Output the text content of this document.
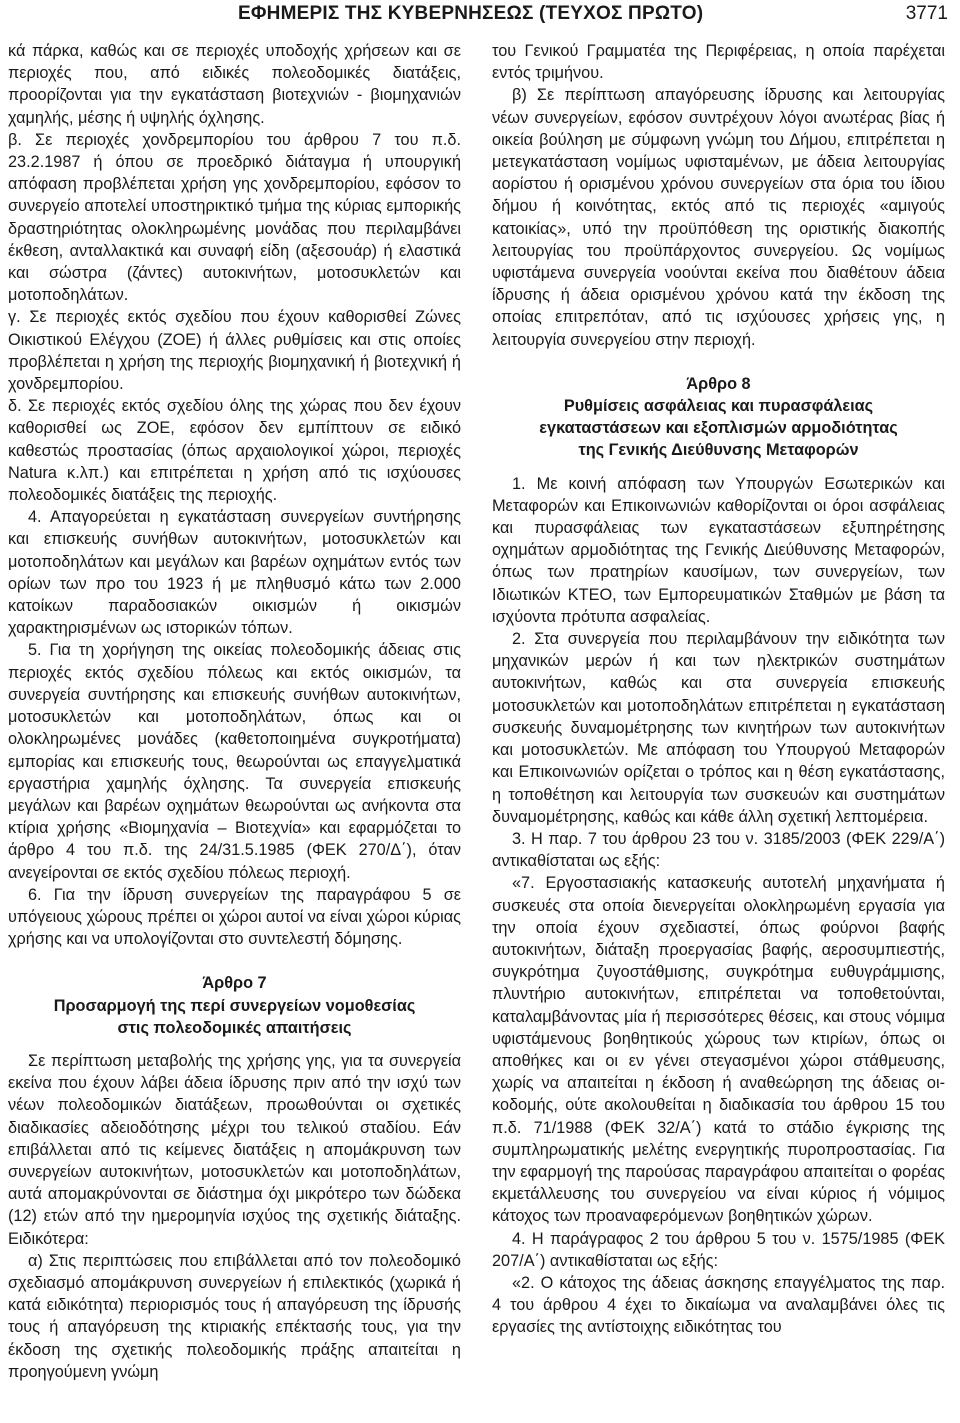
ΕΦΗΜΕΡΙΣ ΤΗΣ ΚΥΒΕΡΝΗΣΕΩΣ (ΤΕΥΧΟΣ ΠΡΩΤΟ)	3771

κά πάρκα, καθώς και σε περιοχές υποδοχής χρήσεων και σε περιοχές που, από ειδικές πολεοδομικές διατάξεις, προορίζονται για την εγκατάσταση βιοτεχνιών - βιομηχανιών χαμηλής, μέσης ή υψηλής όχλησης.

β. Σε περιοχές χονδρεμπορίου του άρθρου 7 του π.δ. 23.2.1987 ή όπου σε προεδρικό διάταγμα ή υπουργική απόφαση προβλέπεται χρήση γης χονδρεμπορίου, εφόσον το συνεργείο αποτελεί υποστηρικτικό τμήμα της κύριας εμπορικής δραστηριότητας ολοκληρωμένης μονάδας που περιλαμβάνει έκθεση, ανταλλακτικά και συναφή είδη (αξεσουάρ) ή ελαστικά και σώστρα (ζάντες) αυτοκινήτων, μοτοσυκλετών και μοτοποδηλάτων.

γ. Σε περιοχές εκτός σχεδίου που έχουν καθορισθεί Ζώνες Οικιστικού Ελέγχου (ΖΟΕ) ή άλλες ρυθμίσεις και στις οποίες προβλέπεται η χρήση της περιοχής βιομηχανική ή βιοτεχνική ή χονδρεμπορίου.

δ. Σε περιοχές εκτός σχεδίου όλης της χώρας που δεν έχουν καθορισθεί ως ΖΟΕ, εφόσον δεν εμπίπτουν σε ειδικό καθεστώς προστασίας (όπως αρχαιολογικοί χώροι, περιοχές Natura κ.λπ.) και επιτρέπεται η χρήση από τις ισχύουσες πολεοδομικές διατάξεις της περιοχής.

4. Απαγορεύεται η εγκατάσταση συνεργείων συντήρησης και επισκευής συνήθων αυτοκινήτων, μοτοσυκλετών και μοτοποδηλάτων και μεγάλων και βαρέων οχημάτων εντός των ορίων των προ του 1923 ή με πληθυσμό κάτω των 2.000 κατοίκων παραδοσιακών οικισμών ή οικισμών χαρακτηρισμένων ως ιστορικών τόπων.

5. Για τη χορήγηση της οικείας πολεοδομικής άδειας στις περιοχές εκτός σχεδίου πόλεως και εκτός οικισμών, τα συνεργεία συντήρησης και επισκευής συνήθων αυτοκινήτων, μοτοσυκλετών και μοτοποδηλάτων, όπως και οι ολοκληρωμένες μονάδες (καθετοποιημένα συγκροτήματα) εμπορίας και επισκευής τους, θεωρούνται ως επαγγελματικά εργαστήρια χαμηλής όχλησης. Τα συνεργεία επισκευής μεγάλων και βαρέων οχημάτων θεωρούνται ως ανήκοντα στα κτίρια χρήσης «Βιομηχανία – Βιοτεχνία» και εφαρμόζεται το άρθρο 4 του π.δ. της 24/31.5.1985 (ΦΕΚ 270/Δ΄), όταν ανεγείρονται σε εκτός σχεδίου πόλεως περιοχή.

6. Για την ίδρυση συνεργείων της παραγράφου 5 σε υπόγειους χώρους πρέπει οι χώροι αυτοί να είναι χώροι κύριας χρήσης και να υπολογίζονται στο συντελεστή δόμησης.

Άρθρο 7

Προσαρμογή της περί συνεργείων νομοθεσίας

στις πολεοδομικές απαιτήσεις

Σε περίπτωση μεταβολής της χρήσης γης, για τα συνεργεία εκείνα που έχουν λάβει άδεια ίδρυσης πριν από την ισχύ των νέων πολεοδομικών διατάξεων, προωθούνται οι σχετικές διαδικασίες αδειοδότησης μέχρι του τελικού σταδίου. Εάν επιβάλλεται από τις κείμενες διατάξεις η απομάκρυνση των συνεργείων αυτοκινήτων, μοτοσυκλετών και μοτοποδηλάτων, αυτά απομακρύνονται σε διάστημα όχι μικρότερο των δώδεκα (12) ετών από την ημερομηνία ισχύος της σχετικής διάταξης. Ειδικότερα:

α) Στις περιπτώσεις που επιβάλλεται από τον πολεοδομικό σχεδιασμό απομάκρυνση συνεργείων ή επιλεκτικός (χωρικά ή κατά ειδικότητα) περιορισμός τους ή απαγόρευση της ίδρυσής τους ή απαγόρευση της κτιριακής επέκτασής τους, για την έκδοση της σχετικής πολεοδομικής πράξης απαιτείται η προηγούμενη γνώμη

του Γενικού Γραμματέα της Περιφέρειας, η οποία παρέχεται εντός τριμήνου.

β) Σε περίπτωση απαγόρευσης ίδρυσης και λειτουργίας νέων συνεργείων, εφόσον συντρέχουν λόγοι ανωτέρας βίας ή οικεία βούληση με σύμφωνη γνώμη του Δήμου, επιτρέπεται η μετεγκατάσταση νομίμως υφισταμένων, με άδεια λειτουργίας αορίστου ή ορισμένου χρόνου συνεργείων στα όρια του ίδιου δήμου ή κοινότητας, εκτός από τις περιοχές «αμιγούς κατοικίας», υπό την προϋπόθεση της οριστικής διακοπής λειτουργίας του προϋπάρχοντος συνεργείου. Ως νομίμως υφιστάμενα συνεργεία νοούνται εκείνα που διαθέτουν άδεια ίδρυσης ή άδεια ορισμένου χρόνου κατά την έκδοση της οποίας επιτρεπόταν, από τις ισχύουσες χρήσεις γης, η λειτουργία συνεργείου στην περιοχή.

Άρθρο 8

Ρυθμίσεις ασφάλειας και πυρασφάλειας

εγκαταστάσεων και εξοπλισμών αρμοδιότητας

της Γενικής Διεύθυνσης Μεταφορών

1. Με κοινή απόφαση των Υπουργών Εσωτερικών και Μεταφορών και Επικοινωνιών καθορίζονται οι όροι ασφάλειας και πυρασφάλειας των εγκαταστάσεων εξυπηρέτησης οχημάτων αρμοδιότητας της Γενικής Διεύθυνσης Μεταφορών, όπως των πρατηρίων καυσίμων, των συνεργείων, των Ιδιωτικών ΚΤΕΟ, των Εμπορευματικών Σταθμών με βάση τα ισχύοντα πρότυπα ασφαλείας.

2. Στα συνεργεία που περιλαμβάνουν την ειδικότητα των μηχανικών μερών ή και των ηλεκτρικών συστημάτων αυτοκινήτων, καθώς και στα συνεργεία επισκευής μοτοσυκλετών και μοτοποδηλάτων επιτρέπεται η εγκατάσταση συσκευής δυναμομέτρησης των κινητήρων των αυτοκινήτων και μοτοσυκλετών. Με απόφαση του Υπουργού Μεταφορών και Επικοινωνιών ορίζεται ο τρόπος και η θέση εγκατάστασης, η τοποθέτηση και λειτουργία των συσκευών και συστημάτων δυναμομέτρησης, καθώς και κάθε άλλη σχετική λεπτομέρεια.

3. Η παρ. 7 του άρθρου 23 του ν. 3185/2003 (ΦΕΚ 229/Α΄) αντικαθίσταται ως εξής:

«7. Εργοστασιακής κατασκευής αυτοτελή μηχανήματα ή συσκευές στα οποία διενεργείται ολοκληρωμένη εργασία για την οποία έχουν σχεδιαστεί, όπως φούρνοι βαφής αυτοκινήτων, διάταξη προεργασίας βαφής, αεροσυμπιεστής, συγκρότημα ζυγοστάθμισης, συγκρότημα ευθυγράμμισης, πλυντήριο αυτοκινήτων, επιτρέπεται να τοποθετούνται, καταλαμβάνοντας μία ή περισσότερες θέσεις, και στους νόμιμα υφιστάμενους βοηθητικούς χώρους των κτιρίων, όπως οι αποθήκες και οι εν γένει στεγασμένοι χώροι στάθμευσης, χωρίς να απαιτείται η έκδοση ή αναθεώρηση της άδειας οικοδομής, ούτε ακολουθείται η διαδικασία του άρθρου 15 του π.δ. 71/1988 (ΦΕΚ 32/Α΄) κατά το στάδιο έγκρισης της συμπληρωματικής μελέτης ενεργητικής πυροπροστασίας. Για την εφαρμογή της παρούσας παραγράφου απαιτείται ο φορέας εκμετάλλευσης του συνεργείου να είναι κύριος ή νόμιμος κάτοχος των προαναφερόμενων βοηθητικών χώρων.

4. Η παράγραφος 2 του άρθρου 5 του ν. 1575/1985 (ΦΕΚ 207/Α΄) αντικαθίσταται ως εξής:

«2. Ο κάτοχος της άδειας άσκησης επαγγέλματος της παρ. 4 του άρθρου 4 έχει το δικαίωμα να αναλαμβάνει όλες τις εργασίες της αντίστοιχης ειδικότητας του
